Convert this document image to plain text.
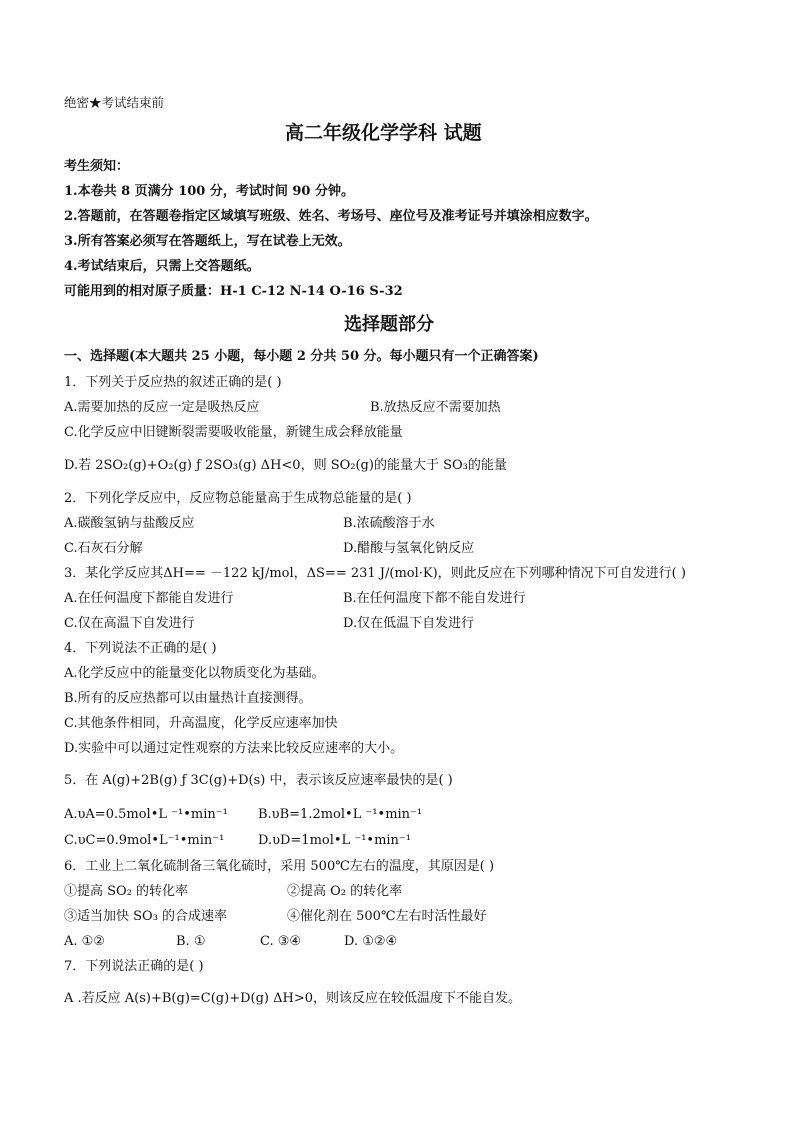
绝密★考试结束前
高二年级化学学科 试题
考生须知：
1.本卷共 8 页满分 100 分，考试时间 90 分钟。
2.答题前，在答题卷指定区域填写班级、姓名、考场号、座位号及准考证号并填涂相应数字。
3.所有答案必须写在答题纸上，写在试卷上无效。
4.考试结束后，只需上交答题纸。
可能用到的相对原子质量：H-1 C-12 N-14 O-16 S-32
选择题部分
一、选择题(本大题共 25 小题，每小题 2 分共 50 分。每小题只有一个正确答案)
1．下列关于反应热的叙述正确的是( )
A.需要加热的反应一定是吸热反应	B.放热反应不需要加热
C.化学反应中旧键断裂需要吸收能量，新键生成会释放能量
D.若 2SO₂(g)+O₂(g) ƒ 2SO₃(g) ΔH<0，则 SO₂(g)的能量大于 SO₃的能量
2．下列化学反应中，反应物总能量高于生成物总能量的是( )
A.碳酸氢钠与盐酸反应	B.浓硫酸溶于水
C.石灰石分解	D.醋酸与氢氧化钠反应
3．某化学反应其ΔH== －122 kJ/mol，ΔS== 231 J/(mol·K)，则此反应在下列哪种情况下可自发进行( )
A.在任何温度下都能自发进行	B.在任何温度下都不能自发进行
C.仅在高温下自发进行	D.仅在低温下自发进行
4．下列说法不正确的是( )
A.化学反应中的能量变化以物质变化为基础。
B.所有的反应热都可以由量热计直接测得。
C.其他条件相同，升高温度，化学反应速率加快
D.实验中可以通过定性观察的方法来比较反应速率的大小。
5．在 A(g)+2B(g) ƒ 3C(g)+D(s) 中，表示该反应速率最快的是( )
A.υA=0.5mol•L ⁻¹•min⁻¹ B.υB=1.2mol•L ⁻¹•min⁻¹
C.υC=0.9mol•L⁻¹•min⁻¹	D.υD=1mol•L ⁻¹•min⁻¹
6．工业上二氧化硫制备三氧化硫时，采用 500℃左右的温度，其原因是( )
①提高 SO₂ 的转化率	②提高 O₂ 的转化率
③适当加快 SO₃ 的合成速率	④催化剂在 500℃左右时活性最好
A. ①②	B. ①	C. ③④	D. ①②④
7．下列说法正确的是( )
A .若反应 A(s)+B(g)=C(g)+D(g) ΔH>0，则该反应在较低温度下不能自发。
